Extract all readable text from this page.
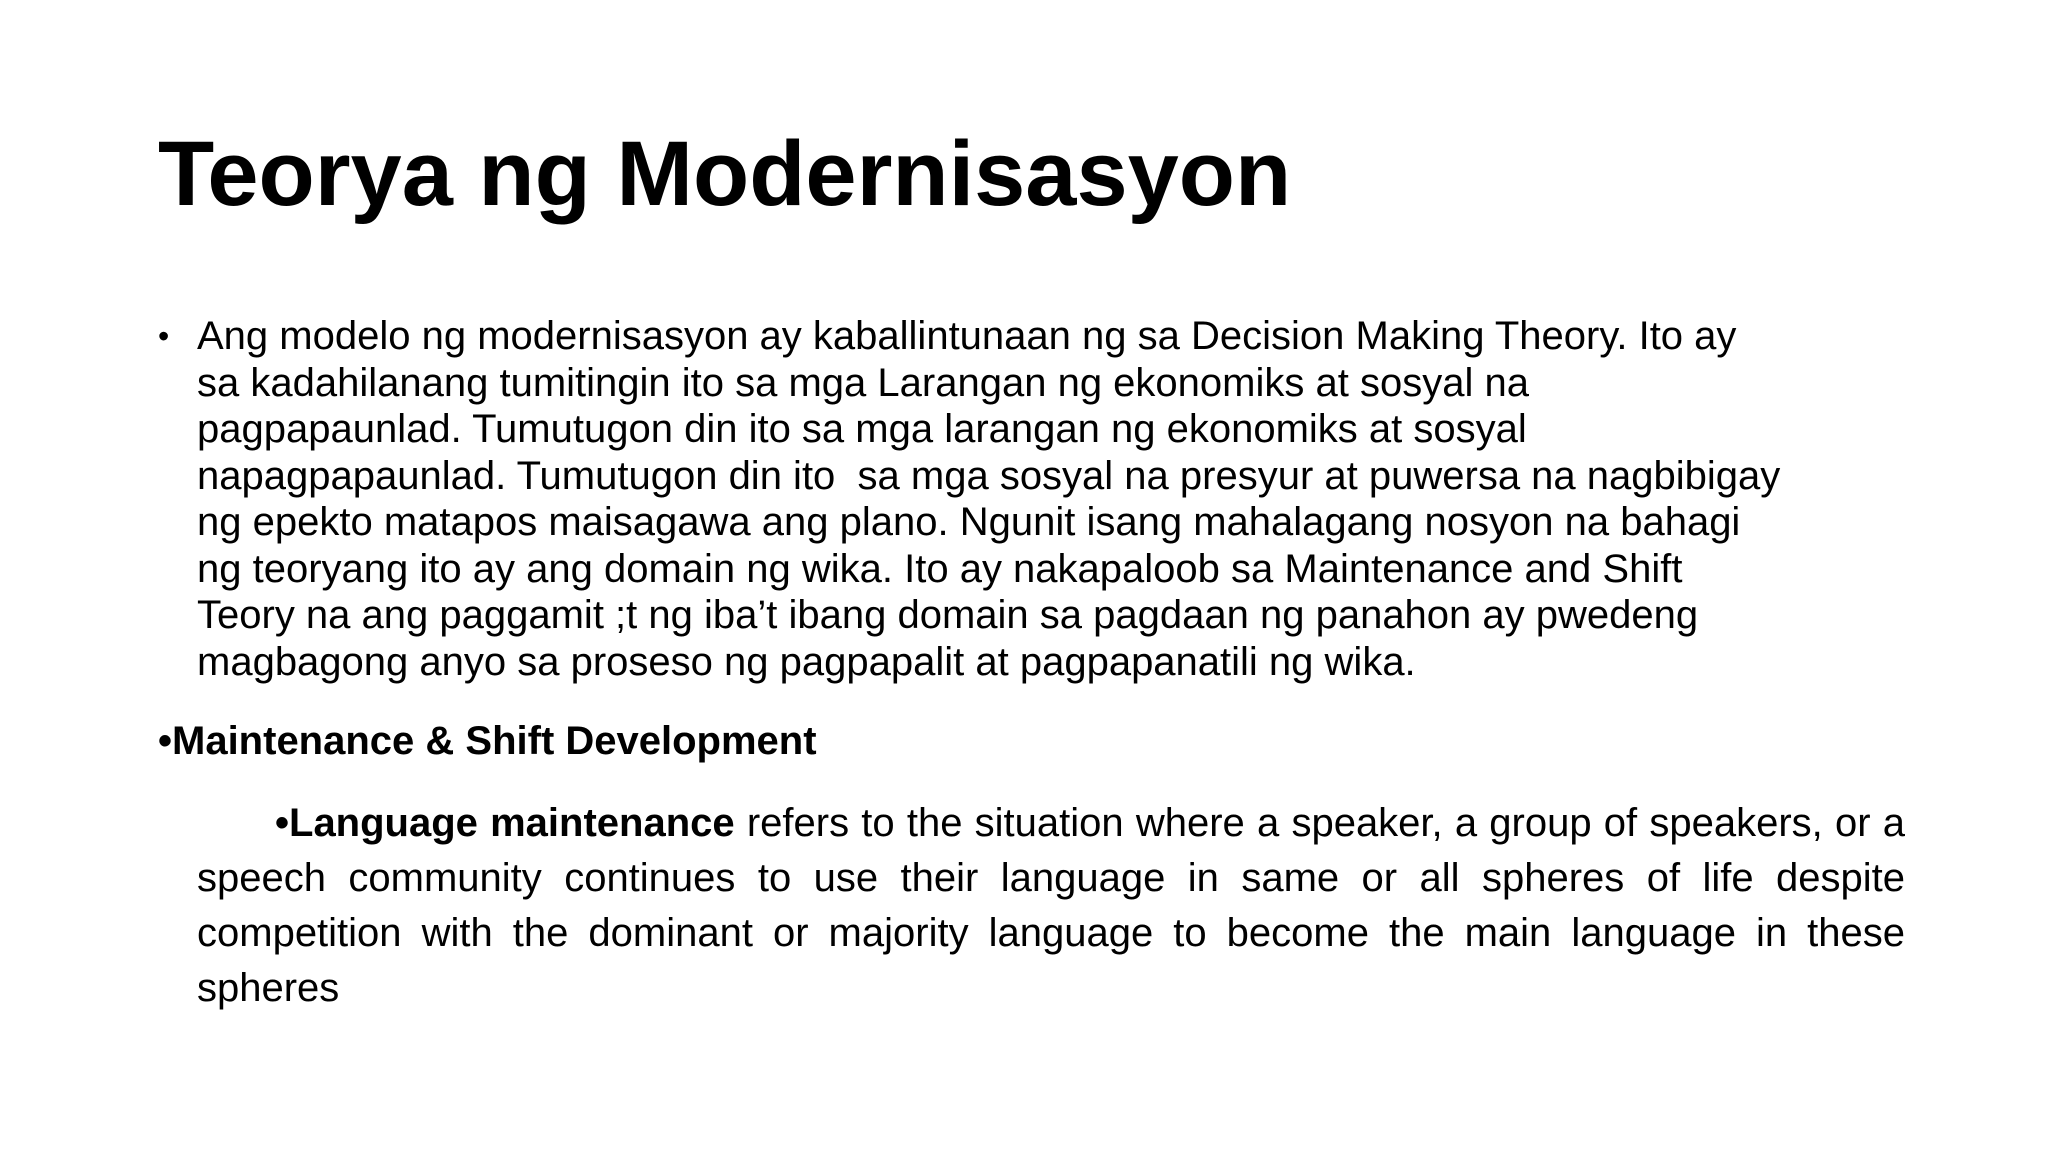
Teorya ng Modernisasyon
• Ang modelo ng modernisasyon ay kaballintunaan ng sa Decision Making Theory. Ito ay
sa kadahilanang tumitingin ito sa mga Larangan ng ekonomiks at sosyal na
pagpapaunlad. Tumutugon din ito sa mga larangan ng ekonomiks at sosyal
napagpapaunlad. Tumutugon din ito  sa mga sosyal na presyur at puwersa na nagbibigay
ng epekto matapos maisagawa ang plano. Ngunit isang mahalagang nosyon na bahagi
ng teoryang ito ay ang domain ng wika. Ito ay nakapaloob sa Maintenance and Shift
Teory na ang paggamit ;t ng iba’t ibang domain sa pagdaan ng panahon ay pwedeng
magbagong anyo sa proseso ng pagpapalit at pagpapanatili ng wika.
•Maintenance & Shift Development
•Language maintenance refers to the situation where a speaker, a group of speakers, or a speech community continues to use their language in same or all spheres of life despite competition with the dominant or majority language to become the main language in these spheres
